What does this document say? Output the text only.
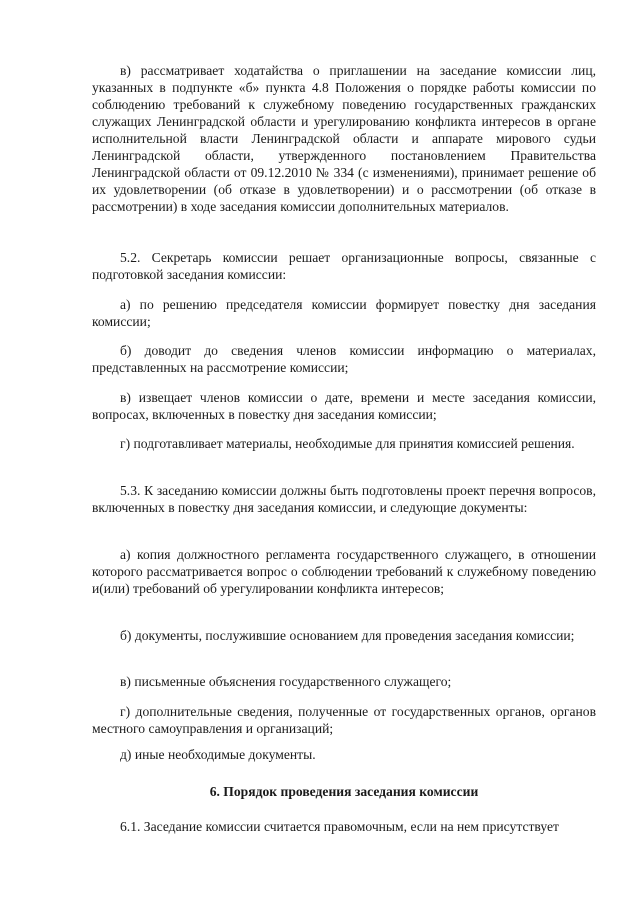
в) рассматривает ходатайства о приглашении на заседание комиссии лиц, указанных в подпункте «б» пункта 4.8 Положения о порядке работы комиссии по соблюдению требований к служебному поведению государственных гражданских служащих Ленинградской области и урегулированию конфликта интересов в органе исполнительной власти Ленинградской области и аппарате мирового судьи Ленинградской области, утвержденного постановлением Правительства Ленинградской области от 09.12.2010 № 334 (с изменениями), принимает решение об их удовлетворении (об отказе в удовлетворении) и о рассмотрении (об отказе в рассмотрении) в ходе заседания комиссии дополнительных материалов.

5.2. Секретарь комиссии решает организационные вопросы, связанные с подготовкой заседания комиссии:

а) по решению председателя комиссии формирует повестку дня заседания комиссии;

б) доводит до сведения членов комиссии информацию о материалах, представленных на рассмотрение комиссии;

в) извещает членов комиссии о дате, времени и месте заседания комиссии, вопросах, включенных в повестку дня заседания комиссии;

г) подготавливает материалы, необходимые для принятия комиссией решения.

5.3. К заседанию комиссии должны быть подготовлены проект перечня вопросов, включенных в повестку дня заседания комиссии, и следующие документы:

а) копия должностного регламента государственного служащего, в отношении которого рассматривается вопрос о соблюдении требований к служебному поведению и(или) требований об урегулировании конфликта интересов;

б) документы, послужившие основанием для проведения заседания комиссии;

в) письменные объяснения государственного служащего;

г) дополнительные сведения, полученные от государственных органов, органов местного самоуправления и организаций;

д) иные необходимые документы.

6. Порядок проведения заседания комиссии

6.1. Заседание комиссии считается правомочным, если на нем присутствует
